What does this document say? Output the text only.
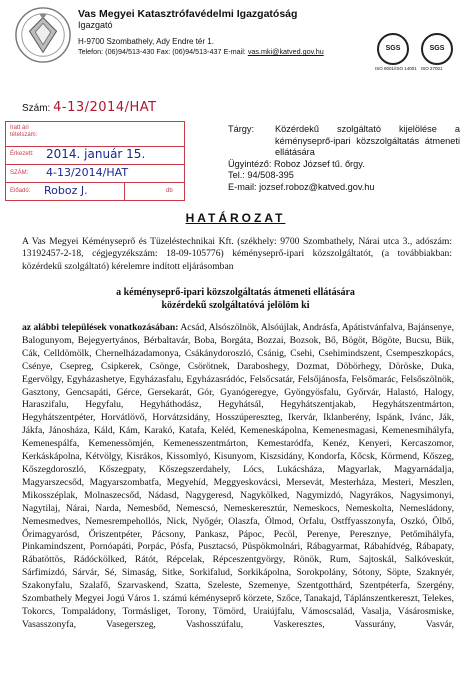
Vas Megyei Katasztrófavédelmi Igazgatóság
Igazgató
H-9700 Szombathely, Ady Endre tér 1.
Telefon: (06)94/513-430 Fax: (06)94/513-437 E-mail: vas.mki@katved.gov.hu	SGS	SGS
ISO 9001/ISO 14001 ISO 27001
Szám: 4-13/2014/HAT
Iratt ári
tételszám:
Érkezett: 2014. január 15.
SZÁM: 4-13/2014/HAT
Előadó: Roboz J.	db
Tárgy:	Közérdekű szolgáltató kijelölése a kéményseprő-ipari közszolgáltatás átmeneti ellátására
Ügyintéző: Roboz József tű. őrgy.
Tel.: 94/508-395
E-mail: jozsef.roboz@katved.gov.hu
HATÁROZAT
A Vas Megyei Kéményseprő és Tüzeléstechnikai Kft. (székhely: 9700 Szombathely, Nárai utca 3., adószám: 13192457-2-18, cégjegyzékszám: 18-09-105776) kéményseprő-ipari közszolgáltatót, (a továbbiakban: közérdekű szolgáltató) kérelemre indított eljárásomban
a kéményseprő-ipari közszolgáltatás átmeneti ellátására
közérdekű szolgáltatóvá jelölöm ki
az alábbi települések vonatkozásában: Acsád, Alsószölnök, Alsóújlak, Andrásfa, Apátistvánfalva, Bajánsenye, Balogunyom, Bejegyertyános, Bérbaltavár, Boba, Borgáta, Bozzai, Bozsok, Bő, Bögöt, Bögöte, Bucsu, Bük, Cák, Celldömölk, Chernelházadamonya, Csákánydoroszló, Csánig, Csehi, Csehimindszent, Csempeszkopács, Csénye, Csepreg, Csipkerek, Csönge, Csörötnek, Daraboshegy, Dozmat, Döbörhegy, Döröske, Duka, Egervölgy, Egyházashetye, Egyházasfalu, Egyházasrádóc, Felsőcsatár, Felsőjánosfa, Felsőmarác, Felsőszölnök, Gasztony, Gencsapáti, Gérce, Gersekarát, Gór, Gyanógeregye, Gyöngyösfalu, Győrvár, Halastó, Halogy, Haraszifalu, Hegyfalu, Hegyháthodász, Hegyhátsál, Hegyhátszentjakab, Hegyhátszentmárton, Hegyhátszentpéter, Horvátlövő, Horvátzsidány, Hosszúpereszteg, Ikervár, Iklanberény, Ispánk, Ivánc, Ják, Jákfa, Jánosháza, Káld, Kám, Karakó, Katafa, Keléd, Kemeneskápolna, Kemenesmagasi, Kemenesmihályfa, Kemenespálfa, Kemenessömjén, Kemenesszentmárton, Kemestaródfa, Kenéz, Kenyeri, Kercaszomor, Kerkáskápolna, Kétvölgy, Kisrákos, Kissomlyó, Kisunyom, Kiszsidány, Kondorfa, Kőcsk, Körmend, Kőszeg, Kőszegdoroszló, Kőszegpaty, Kőszegszerdahely, Lócs, Lukácsháza, Magyarlak, Magyarnádalja, Magyarszecsőd, Magyarszombatfa, Megyehíd, Meggyeskovácsi, Mersevát, Mesterháza, Mesteri, Meszlen, Mikosszéplak, Molnaszecsőd, Nádasd, Nagygeresd, Nagykölked, Nagymizdó, Nagyrákos, Nagysimonyi, Nagytilaj, Nárai, Narda, Nemesbőd, Nemescsó, Nemeskeresztúr, Nemeskocs, Nemeskolta, Nemesládony, Nemesmedves, Nemesrempehollós, Nick, Nyőgér, Olaszfa, Ölmod, Orfalu, Ostffyasszonyfa, Oszkó, Ölbő, Őrimagyarósd, Őriszentpéter, Pácsony, Pankasz, Pápoc, Pecöl, Perenye, Peresznye, Petőmihályfa, Pinkamindszent, Pornóapáti, Porpác, Pósfa, Pusztacsó, Püspökmolnári, Rábagyarmat, Rábahídvég, Rábapaty, Rábatöttös, Rádóckölked, Rátót, Répcelak, Répceszentgyörgy, Rönök, Rum, Sajtoskál, Salkóveskút, Sárfimizdó, Sárvár, Sé, Simaság, Sitke, Sorkifalud, Sorkikápolna, Sorokpolány, Sótony, Söpte, Szaknyér, Szakonyfalu, Szalafő, Szarvaskend, Szatta, Szeleste, Szemenye, Szentgotthárd, Szentpéterfa, Szergény, Szombathely Megyei Jogú Város 1. számú kéményseprő körzete, Szőce, Tanakajd, Táplánszentkereszt, Telekes, Tokorcs, Tompaládony, Tormásliget, Torony, Tömörd, Uraiújfalu, Vámoscsalád, Vasalja, Vásárosmiske, Vasasszonyfa, Vasegerszeg, Vashosszúfalu, Vaskeresztes, Vassurány, Vasvár,
